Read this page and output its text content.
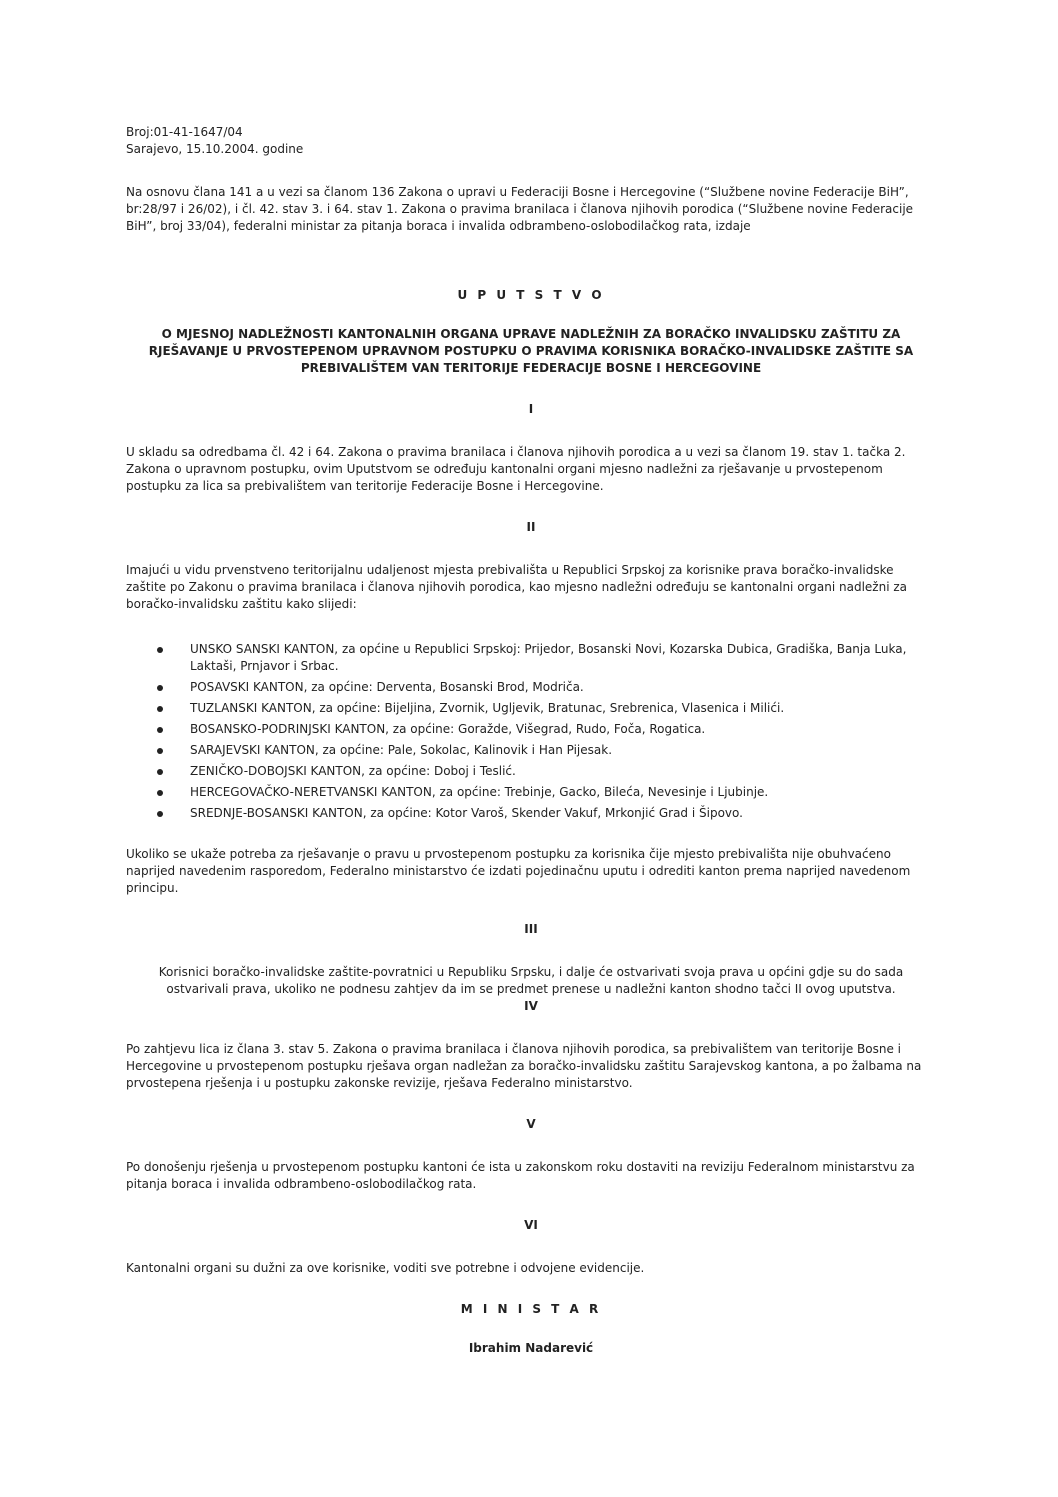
Broj:01-41-1647/04

Sarajevo, 15.10.2004. godine

Na osnovu člana 141 a u vezi sa članom 136 Zakona o upravi u Federaciji Bosne i Hercegovine (“Službene novine Federacije BiH”, br:28/97 i 26/02), i čl. 42. stav 3. i 64. stav 1. Zakona o pravima branilaca i članova njihovih porodica (“Službene novine Federacije BiH”, broj 33/04), federalni ministar za pitanja boraca i invalida odbrambeno-oslobodilačkog rata, izdaje

U P U T S T V O

O MJESNOJ NADLEŽNOSTI KANTONALNIH ORGANA UPRAVE NADLEŽNIH ZA BORAČKO INVALIDSKU ZAŠTITU ZA RJEŠAVANJE U PRVOSTEPENOM UPRAVNOM POSTUPKU O PRAVIMA KORISNIKA BORAČKO-INVALIDSKE ZAŠTITE SA PREBIVALIŠTEM VAN TERITORIJE FEDERACIJE BOSNE I HERCEGOVINE

I

U skladu sa odredbama čl. 42 i 64. Zakona o pravima branilaca i članova njihovih porodica a u vezi sa članom 19. stav 1. tačka 2. Zakona o upravnom postupku, ovim Uputstvom se određuju kantonalni organi mjesno nadležni za rješavanje u prvostepenom postupku za lica sa prebivalištem van teritorije Federacije Bosne i Hercegovine.

II

Imajući u vidu prvenstveno teritorijalnu udaljenost mjesta prebivališta u Republici Srpskoj za korisnike prava boračko-invalidske zaštite po Zakonu o pravima branilaca i članova njihovih porodica, kao mjesno nadležni određuju se kantonalni organi nadležni za boračko-invalidsku zaštitu kako slijedi:

UNSKO SANSKI KANTON, za općine u Republici Srpskoj: Prijedor, Bosanski Novi, Kozarska Dubica, Gradiška, Banja Luka, Laktaši, Prnjavor i Srbac.
POSAVSKI KANTON, za općine: Derventa, Bosanski Brod, Modriča.
TUZLANSKI KANTON, za općine: Bijeljina, Zvornik, Ugljevik, Bratunac, Srebrenica, Vlasenica i Milići.
BOSANSKO-PODRINJSKI KANTON, za općine: Goražde, Višegrad, Rudo, Foča, Rogatica.
SARAJEVSKI KANTON, za općine: Pale, Sokolac, Kalinovik i Han Pijesak.
ZENIČKO-DOBOJSKI KANTON, za općine: Doboj i Teslić.
HERCEGOVAČKO-NERETVANSKI KANTON, za općine: Trebinje, Gacko, Bileća, Nevesinje i Ljubinje.
SREDNJE-BOSANSKI KANTON, za općine: Kotor Varoš, Skender Vakuf, Mrkonjić Grad i Šipovo.

Ukoliko se ukaže potreba za rješavanje o pravu u prvostepenom postupku za korisnika čije mjesto prebivališta nije obuhvaćeno naprijed navedenim rasporedom, Federalno ministarstvo će izdati pojedinačnu uputu i odrediti kanton prema naprijed navedenom principu.

III

Korisnici boračko-invalidske zaštite-povratnici u Republiku Srpsku, i dalje će ostvarivati svoja prava u općini gdje su do sada ostvarivali prava, ukoliko ne podnesu zahtjev da im se predmet prenese u nadležni kanton shodno tačci II ovog uputstva.

IV

Po zahtjevu lica iz člana 3. stav 5. Zakona o pravima branilaca i članova njihovih porodica, sa prebivalištem van teritorije Bosne i Hercegovine u prvostepenom postupku rješava organ nadležan za boračko-invalidsku zaštitu Sarajevskog kantona, a po žalbama na prvostepena rješenja i u postupku zakonske revizije, rješava Federalno ministarstvo.

V

Po donošenju rješenja u prvostepenom postupku kantoni će ista u zakonskom roku dostaviti na reviziju Federalnom ministarstvu za pitanja boraca i invalida odbrambeno-oslobodilačkog rata.

VI

Kantonalni organi su dužni za ove korisnike, voditi sve potrebne i odvojene evidencije.

M I N I S T A R

Ibrahim Nadarević
